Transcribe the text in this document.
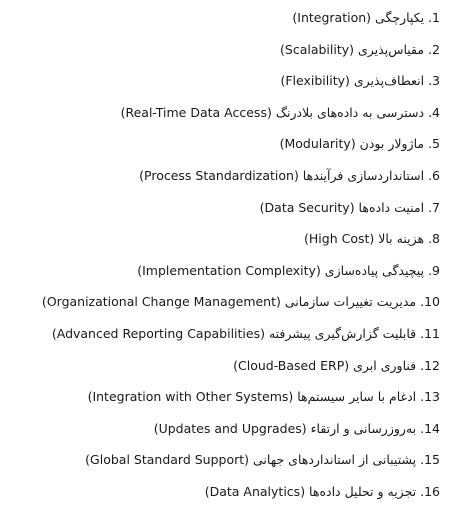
1. یکپارچگی (Integration)
2. مقیاس‌پذیری (Scalability)
3. انعطاف‌پذیری (Flexibility)
4. دسترسی به داده‌های بلادرنگ (Real-Time Data Access)
5. ماژولار بودن (Modularity)
6. استانداردسازی فرآیندها (Process Standardization)
7. امنیت داده‌ها (Data Security)
8. هزینه بالا (High Cost)
9. پیچیدگی پیاده‌سازی (Implementation Complexity)
10. مدیریت تغییرات سازمانی (Organizational Change Management)
11. قابلیت گزارش‌گیری پیشرفته (Advanced Reporting Capabilities)
12. فناوری ابری (Cloud-Based ERP)
13. ادغام با سایر سیستم‌ها (Integration with Other Systems)
14. به‌روزرسانی و ارتقاء (Updates and Upgrades)
15. پشتیبانی از استانداردهای جهانی (Global Standard Support)
16. تجزیه و تحلیل داده‌ها (Data Analytics)
